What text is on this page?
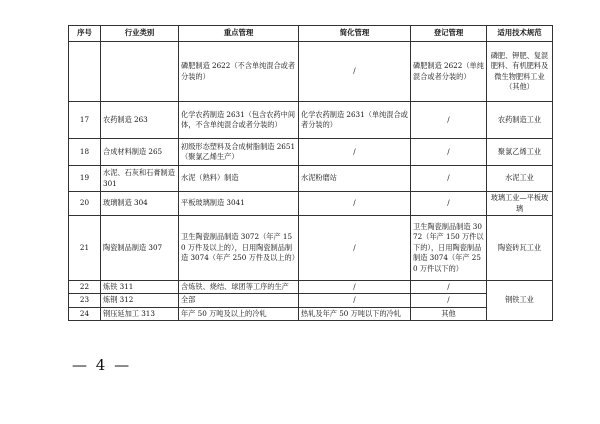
序号	行业类别	重点管理	简化管理	登记管理	适用技术规范
		磷肥制造 2622（不含单纯混合或者分装的）	/	磷肥制造 2622（单纯混合或者分装的）	磷肥、钾肥、复混肥料、有机肥料及微生物肥料工业（其他）
17	农药制造 263	化学农药制造 2631（包含农药中间体，不含单纯混合或者分装的）	化学农药制造 2631（单纯混合或者分装的）	/	农药制造工业
18	合成材料制造 265	初级形态塑料及合成树脂制造 2651（聚氯乙烯生产）	/	/	聚氯乙烯工业
19	水泥、石灰和石膏制造 301	水泥（熟料）制造	水泥粉磨站	/	水泥工业
20	玻璃制造 304	平板玻璃制造 3041	/	/	玻璃工业—平板玻璃
21	陶瓷制品制造 307	卫生陶瓷制品制造 3072（年产 150 万件及以上的），日用陶瓷制品制造 3074（年产 250 万件及以上的）	/	卫生陶瓷制品制造 3072（年产 150 万件以下的），日用陶瓷制品制造 3074（年产 250 万件以下的）	陶瓷砖瓦工业
22	炼铁 311	含炼铁、烧结、球团等工序的生产	/	/	钢铁工业
23	炼钢 312	全部	/	/	
24	钢压延加工 313	年产 50 万吨及以上的冷轧	热轧及年产 50 万吨以下的冷轧	其他	
— 4 —
